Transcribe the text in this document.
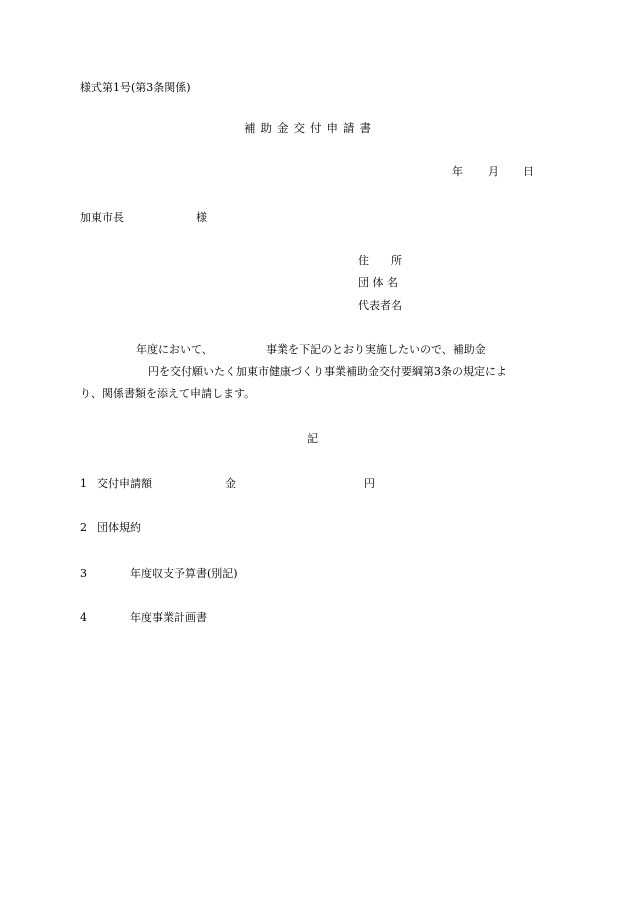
様式第1号(第3条関係)
補助金交付申請書
年 月 日
加東市長	様
住　　所
団 体 名
代表者名
年度において、	事業を下記のとおり実施したいので、補助金
円を交付願いたく加東市健康づくり事業補助金交付要綱第3条の規定によ
り、関係書類を添えて申請します。
記
1 交付申請額	金	円
2 団体規約
3	年度収支予算書(別記)
4	年度事業計画書
